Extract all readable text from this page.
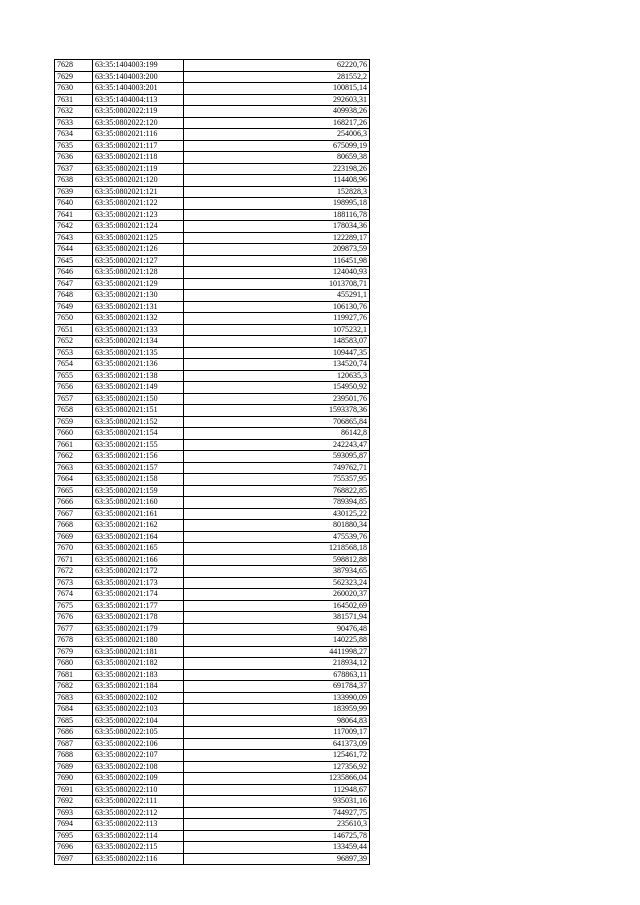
7628	63:35:1404003:199	62220,76
7629	63:35:1404003:200	281552,2
7630	63:35:1404003:201	100815,14
7631	63:35:1404004:113	292603,31
7632	63:35:0802022:119	409938,26
7633	63:35:0802022:120	168217,26
7634	63:35:0802021:116	254006,3
7635	63:35:0802021:117	675099,19
7636	63:35:0802021:118	80659,38
7637	63:35:0802021:119	223198,26
7638	63:35:0802021:120	114408,96
7639	63:35:0802021:121	152828,3
7640	63:35:0802021:122	198995,18
7641	63:35:0802021:123	188116,78
7642	63:35:0802021:124	178034,36
7643	63:35:0802021:125	122289,17
7644	63:35:0802021:126	209873,59
7645	63:35:0802021:127	116451,98
7646	63:35:0802021:128	124040,93
7647	63:35:0802021:129	1013708,71
7648	63:35:0802021:130	455291,1
7649	63:35:0802021:131	106130,76
7650	63:35:0802021:132	119927,76
7651	63:35:0802021:133	1075232,1
7652	63:35:0802021:134	148583,07
7653	63:35:0802021:135	109447,35
7654	63:35:0802021:136	134520,74
7655	63:35:0802021:138	120635,3
7656	63:35:0802021:149	154950,92
7657	63:35:0802021:150	239501,76
7658	63:35:0802021:151	1593378,36
7659	63:35:0802021:152	706865,84
7660	63:35:0802021:154	86142,8
7661	63:35:0802021:155	242243,47
7662	63:35:0802021:156	593095,87
7663	63:35:0802021:157	749762,71
7664	63:35:0802021:158	755357,95
7665	63:35:0802021:159	768822,85
7666	63:35:0802021:160	789394,85
7667	63:35:0802021:161	430125,22
7668	63:35:0802021:162	801880,34
7669	63:35:0802021:164	475539,76
7670	63:35:0802021:165	1218568,18
7671	63:35:0802021:166	598812,88
7672	63:35:0802021:172	387934,65
7673	63:35:0802021:173	562323,24
7674	63:35:0802021:174	260020,37
7675	63:35:0802021:177	164502,69
7676	63:35:0802021:178	381571,94
7677	63:35:0802021:179	90476,48
7678	63:35:0802021:180	140225,88
7679	63:35:0802021:181	4411998,27
7680	63:35:0802021:182	218934,12
7681	63:35:0802021:183	678863,11
7682	63:35:0802021:184	691784,37
7683	63:35:0802022:102	133990,09
7684	63:35:0802022:103	183959,99
7685	63:35:0802022:104	98064,83
7686	63:35:0802022:105	117009,17
7687	63:35:0802022:106	641373,09
7688	63:35:0802022:107	125461,72
7689	63:35:0802022:108	127356,92
7690	63:35:0802022:109	1235866,04
7691	63:35:0802022:110	112948,67
7692	63:35:0802022:111	935031,16
7693	63:35:0802022:112	744927,75
7694	63:35:0802022:113	235610,3
7695	63:35:0802022:114	146725,78
7696	63:35:0802022:115	133459,44
7697	63:35:0802022:116	96897,39
